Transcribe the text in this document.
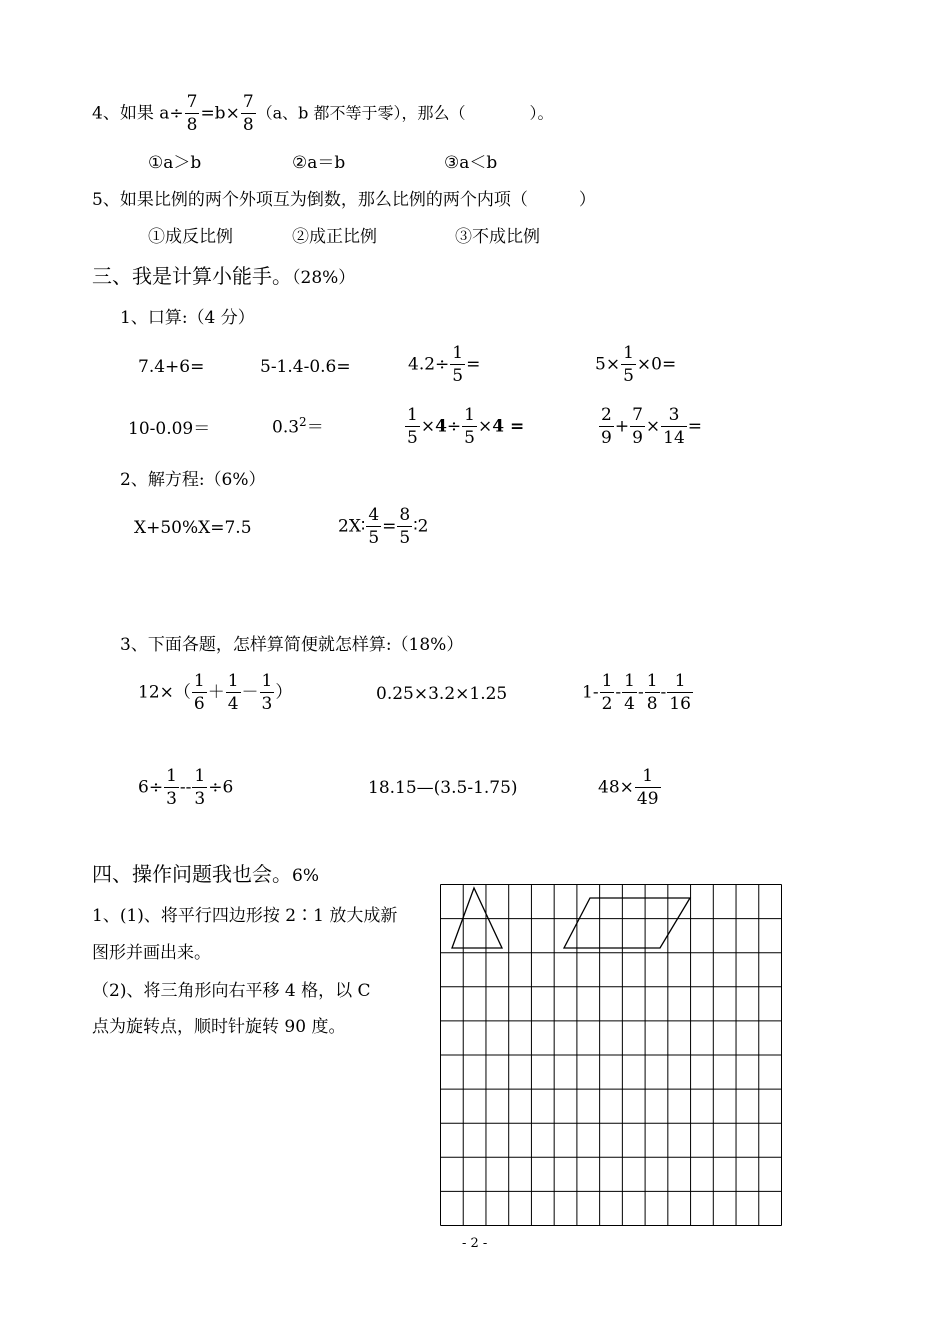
4、如果 $a\div \frac{7}{8} =b\times \frac{7}{8} (a$、b 都不等于零），那么（　　　　）。
①a＞b	②a＝b	③a＜b
5、如果比例的两个外项互为倒数，那么比例的两个内项（　　　）
①成反比例	②成正比例	③不成比例
三、我是计算小能手。（28%）
1、口算:（4 分）
7.4+6=	5-1.4-0.6=	$4.2\div \frac{1}{5}$ =	$5\times \frac{1}{5} \times 0=$
10-0.09＝	$0.3^2=$	$\frac{1}{5} \times 4\div \frac{1}{5} \times 4$ =	$\frac{2}{9} + \frac{7}{9} \times \frac{3}{14}$ =
2、解方程:（6%）
X+50%X=7.5	2X∶ $\frac{4}{5} = \frac{8}{5}$ ∶2
3、下面各题，怎样算简便就怎样算:（18%）
$12\times( \frac{1}{6} + \frac{1}{4} - \frac{1}{3}$ ）	0.25×3.2×1.25	$1- \frac{1}{2} - \frac{1}{4} - \frac{1}{8} - \frac{1}{16}$
$6\div \frac{1}{3} -- \frac{1}{3} \div 6$	18.15—(3.5-1.75)	$48\times \frac{1}{49}$
四、操作问题我也会。6%
1、(1)、将平行四边形按 2∶1 放大成新
图形并画出来。
（2)、将三角形向右平移 4 格，以 C
点为旋转点，顺时针旋转 90 度。
- 2 -
